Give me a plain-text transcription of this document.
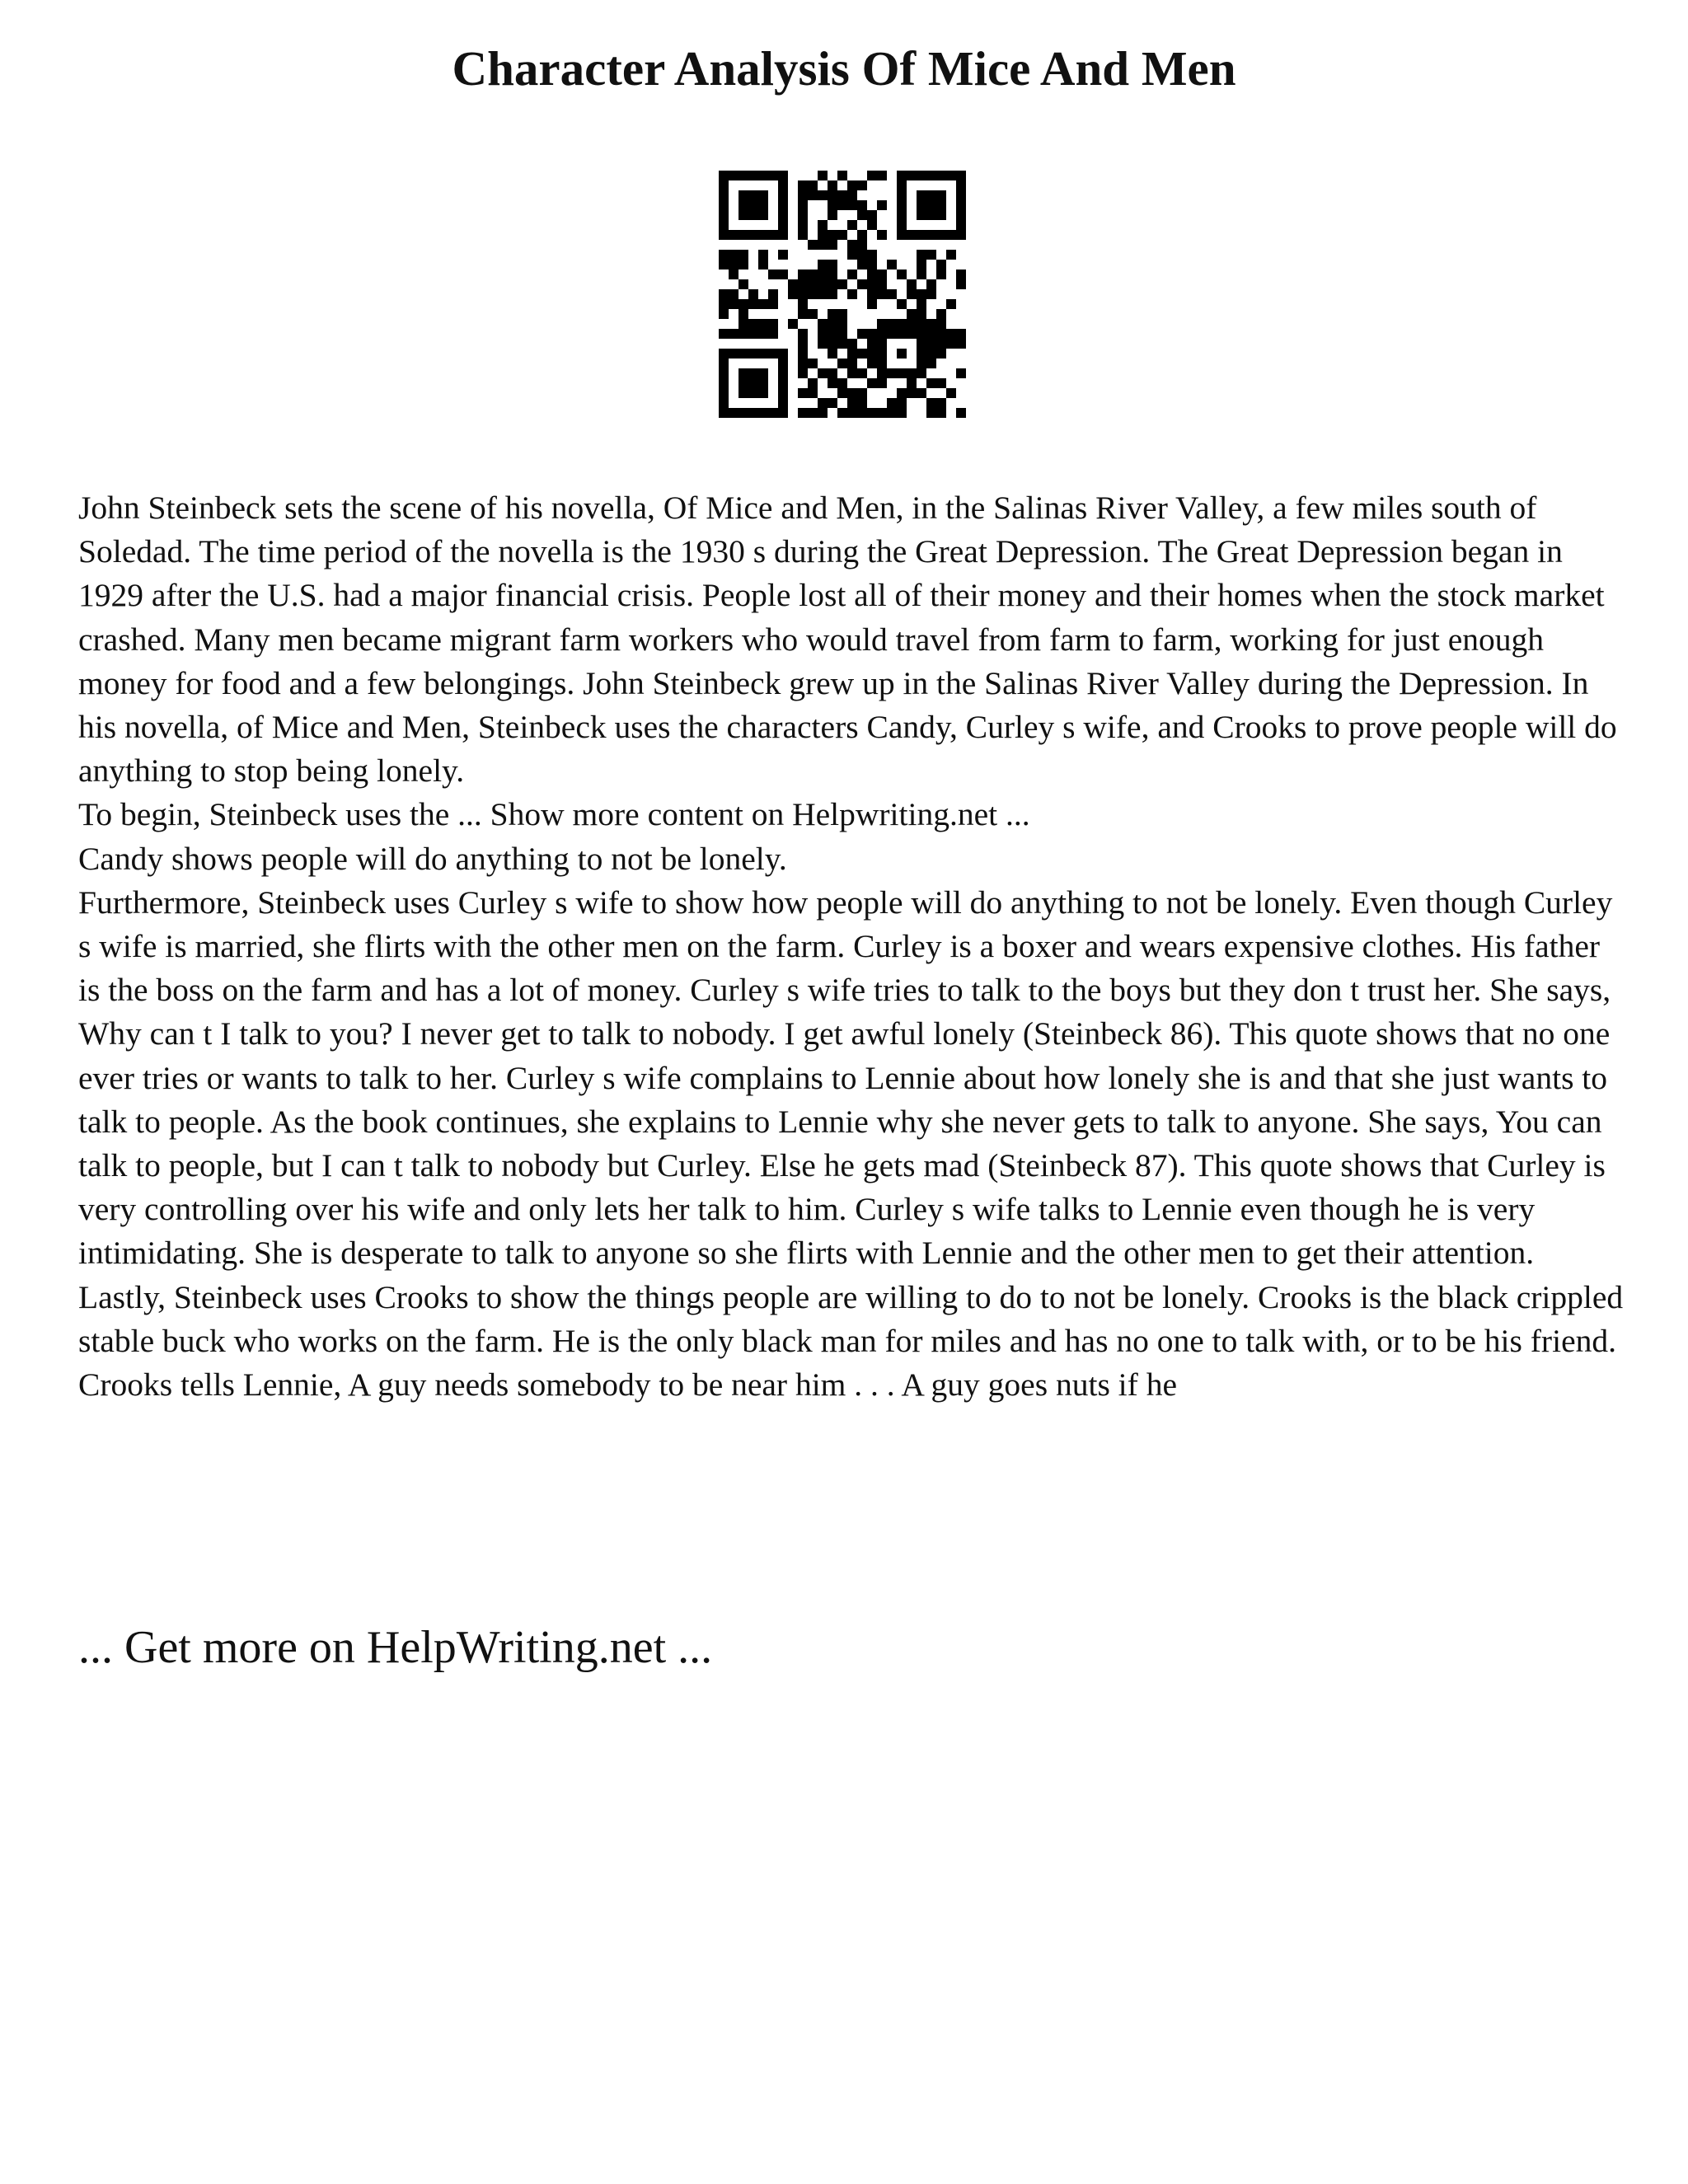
Character Analysis Of Mice And Men

John Steinbeck sets the scene of his novella, Of Mice and Men, in the Salinas River Valley, a few miles south of Soledad. The time period of the novella is the 1930 s during the Great Depression. The Great Depression began in 1929 after the U.S. had a major financial crisis. People lost all of their money and their homes when the stock market crashed. Many men became migrant farm workers who would travel from farm to farm, working for just enough money for food and a few belongings. John Steinbeck grew up in the Salinas River Valley during the Depression. In his novella, of Mice and Men, Steinbeck uses the characters Candy, Curley s wife, and Crooks to prove people will do anything to stop being lonely.

To begin, Steinbeck uses the ... Show more content on Helpwriting.net ...

Candy shows people will do anything to not be lonely.

Furthermore, Steinbeck uses Curley s wife to show how people will do anything to not be lonely. Even though Curley s wife is married, she flirts with the other men on the farm. Curley is a boxer and wears expensive clothes. His father is the boss on the farm and has a lot of money. Curley s wife tries to talk to the boys but they don t trust her. She says, Why can t I talk to you? I never get to talk to nobody. I get awful lonely (Steinbeck 86). This quote shows that no one ever tries or wants to talk to her. Curley s wife complains to Lennie about how lonely she is and that she just wants to talk to people. As the book continues, she explains to Lennie why she never gets to talk to anyone. She says, You can talk to people, but I can t talk to nobody but Curley. Else he gets mad (Steinbeck 87). This quote shows that Curley is very controlling over his wife and only lets her talk to him. Curley s wife talks to Lennie even though he is very intimidating. She is desperate to talk to anyone so she flirts with Lennie and the other men to get their attention.

Lastly, Steinbeck uses Crooks to show the things people are willing to do to not be lonely. Crooks is the black crippled stable buck who works on the farm. He is the only black man for miles and has no one to talk with, or to be his friend. Crooks tells Lennie, A guy needs somebody to be near him . . . A guy goes nuts if he

... Get more on HelpWriting.net ...
